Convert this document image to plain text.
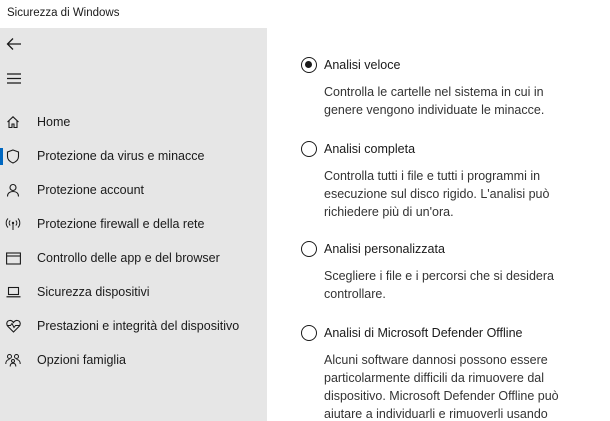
Sicurezza di Windows
Home
Protezione da virus e minacce
Protezione account
Protezione firewall e della rete
Controllo delle app e del browser
Sicurezza dispositivi
Prestazioni e integrità del dispositivo
Opzioni famiglia
Analisi veloce
Controlla le cartelle nel sistema in cui in genere vengono individuate le minacce.
Analisi completa
Controlla tutti i file e tutti i programmi in esecuzione sul disco rigido. L'analisi può richiedere più di un'ora.
Analisi personalizzata
Scegliere i file e i percorsi che si desidera controllare.
Analisi di Microsoft Defender Offline
Alcuni software dannosi possono essere particolarmente difficili da rimuovere dal dispositivo. Microsoft Defender Offline può aiutare a individuarli e rimuoverli usando
